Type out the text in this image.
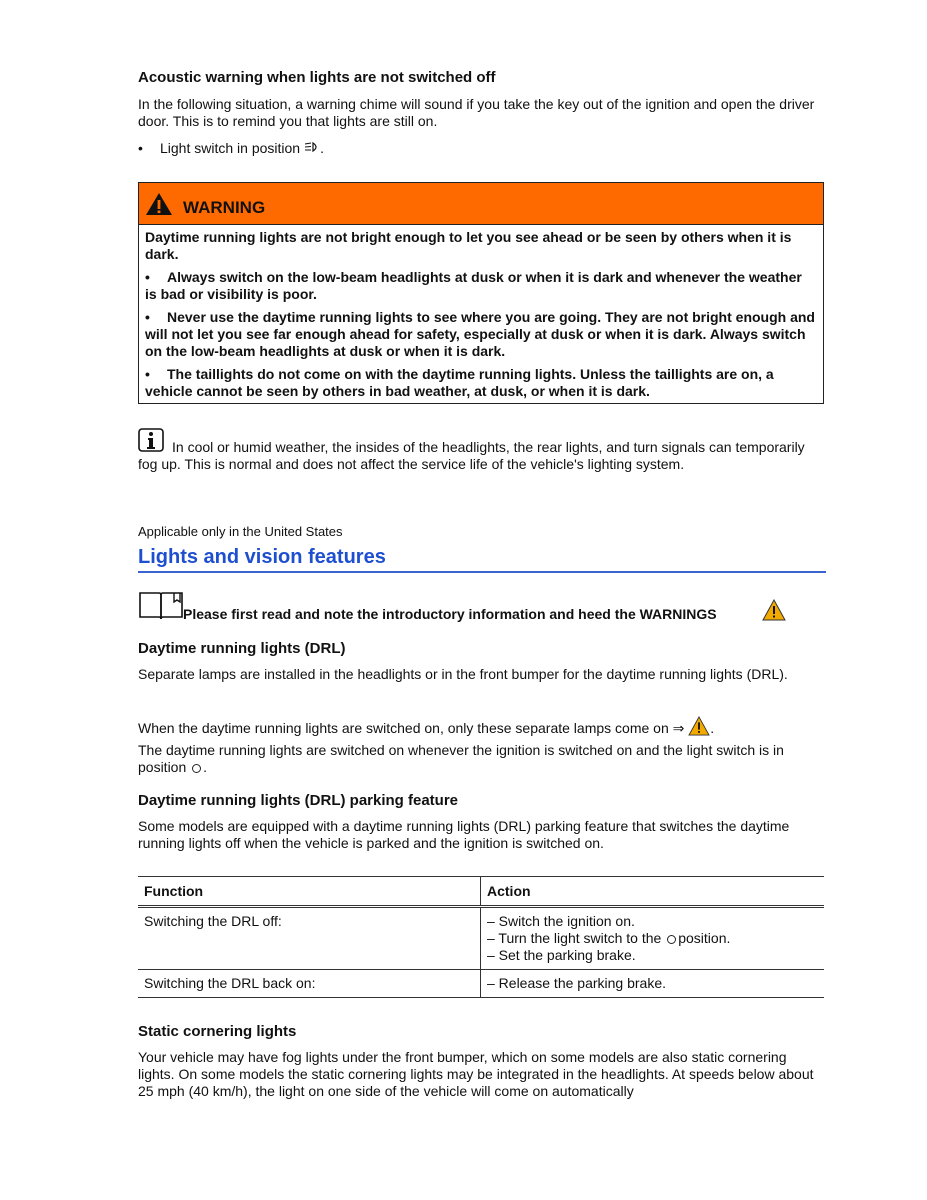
Acoustic warning when lights are not switched off

In the following situation, a warning chime will sound if you take the key out of the ignition and open the driver door. This is to remind you that lights are still on.

•	Light switch in position .
WARNING
Daytime running lights are not bright enough to let you see ahead or be seen by others when it is dark.
• Always switch on the low-beam headlights at dusk or when it is dark and whenever the weather is bad or visibility is poor.
• Never use the daytime running lights to see where you are going. They are not bright enough and will not let you see far enough ahead for safety, especially at dusk or when it is dark. Always switch on the low-beam headlights at dusk or when it is dark.
• The taillights do not come on with the daytime running lights. Unless the taillights are on, a vehicle cannot be seen by others in bad weather, at dusk, or when it is dark.

In cool or humid weather, the insides of the headlights, the rear lights, and turn signals can temporarily fog up. This is normal and does not affect the service life of the vehicle's lighting system.

Applicable only in the United States

Lights and vision features
Please first read and note the introductory information and heed the WARNINGS
Daytime running lights (DRL)

Separate lamps are installed in the headlights or in the front bumper for the daytime running lights (DRL).

When the daytime running lights are switched on, only these separate lamps come on ⇒ .
The daytime running lights are switched on whenever the ignition is switched on and the light switch is in position .
Daytime running lights (DRL) parking feature

Some models are equipped with a daytime running lights (DRL) parking feature that switches the daytime running lights off when the vehicle is parked and the ignition is switched on.

Function	Action
Switching the DRL off:	– Switch the ignition on.
– Turn the light switch to the position.
– Set the parking brake.

Switching the DRL back on:	– Release the parking brake.
Static cornering lights

Your vehicle may have fog lights under the front bumper, which on some models are also static cornering lights. On some models the static cornering lights may be integrated in the headlights. At speeds below about 25 mph (40 km/h), the light on one side of the vehicle will come on automatically
